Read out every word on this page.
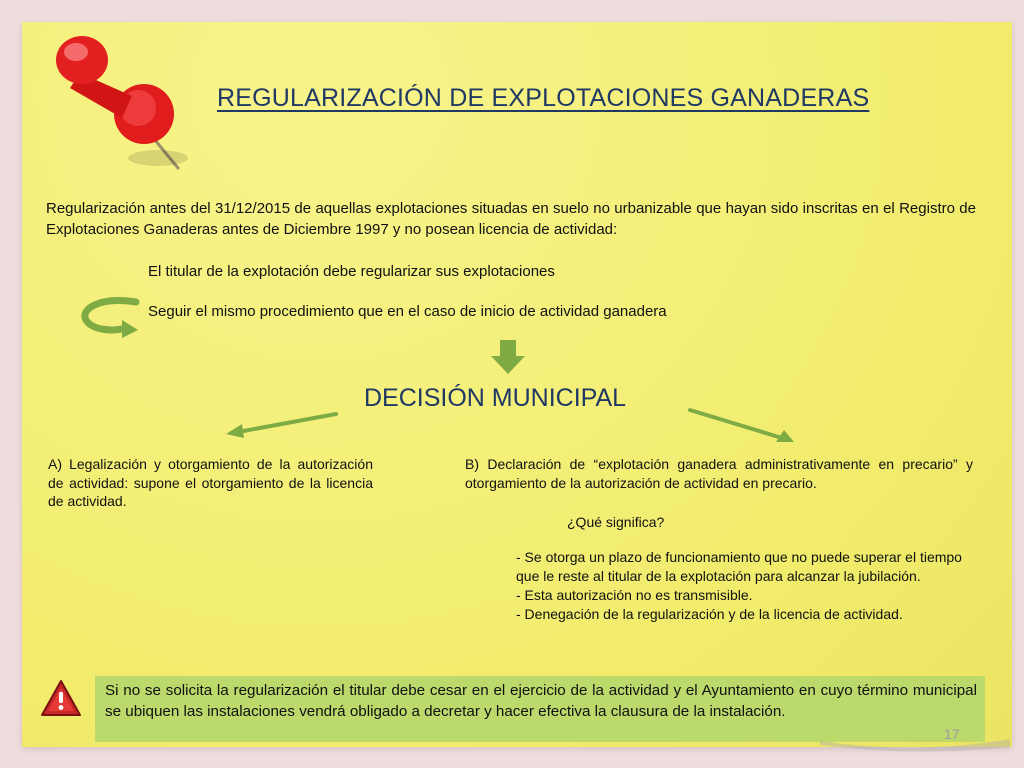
REGULARIZACIÓN DE EXPLOTACIONES GANADERAS

Regularización antes del 31/12/2015 de aquellas explotaciones situadas en suelo no urbanizable que hayan sido inscritas en el Registro de Explotaciones Ganaderas antes de Diciembre 1997 y no posean licencia de actividad:

El titular de la explotación debe regularizar sus explotaciones

Seguir el mismo procedimiento que en el caso de inicio de actividad ganadera

DECISIÓN MUNICIPAL

A) Legalización y otorgamiento de la autorización de actividad: supone el otorgamiento de la licencia de actividad.

B) Declaración de “explotación ganadera administrativamente en precario” y otorgamiento de la autorización de actividad en precario.

¿Qué significa?

- Se otorga un plazo de funcionamiento que no puede superar el tiempo que le reste al titular de la explotación para alcanzar la jubilación.
- Esta autorización no es transmisible.
- Denegación de la regularización y de la licencia de actividad.

Si no se solicita la regularización el titular debe cesar en el ejercicio de la actividad y el Ayuntamiento en cuyo término municipal se ubiquen las instalaciones vendrá obligado a decretar y hacer efectiva la clausura de la instalación.

17
